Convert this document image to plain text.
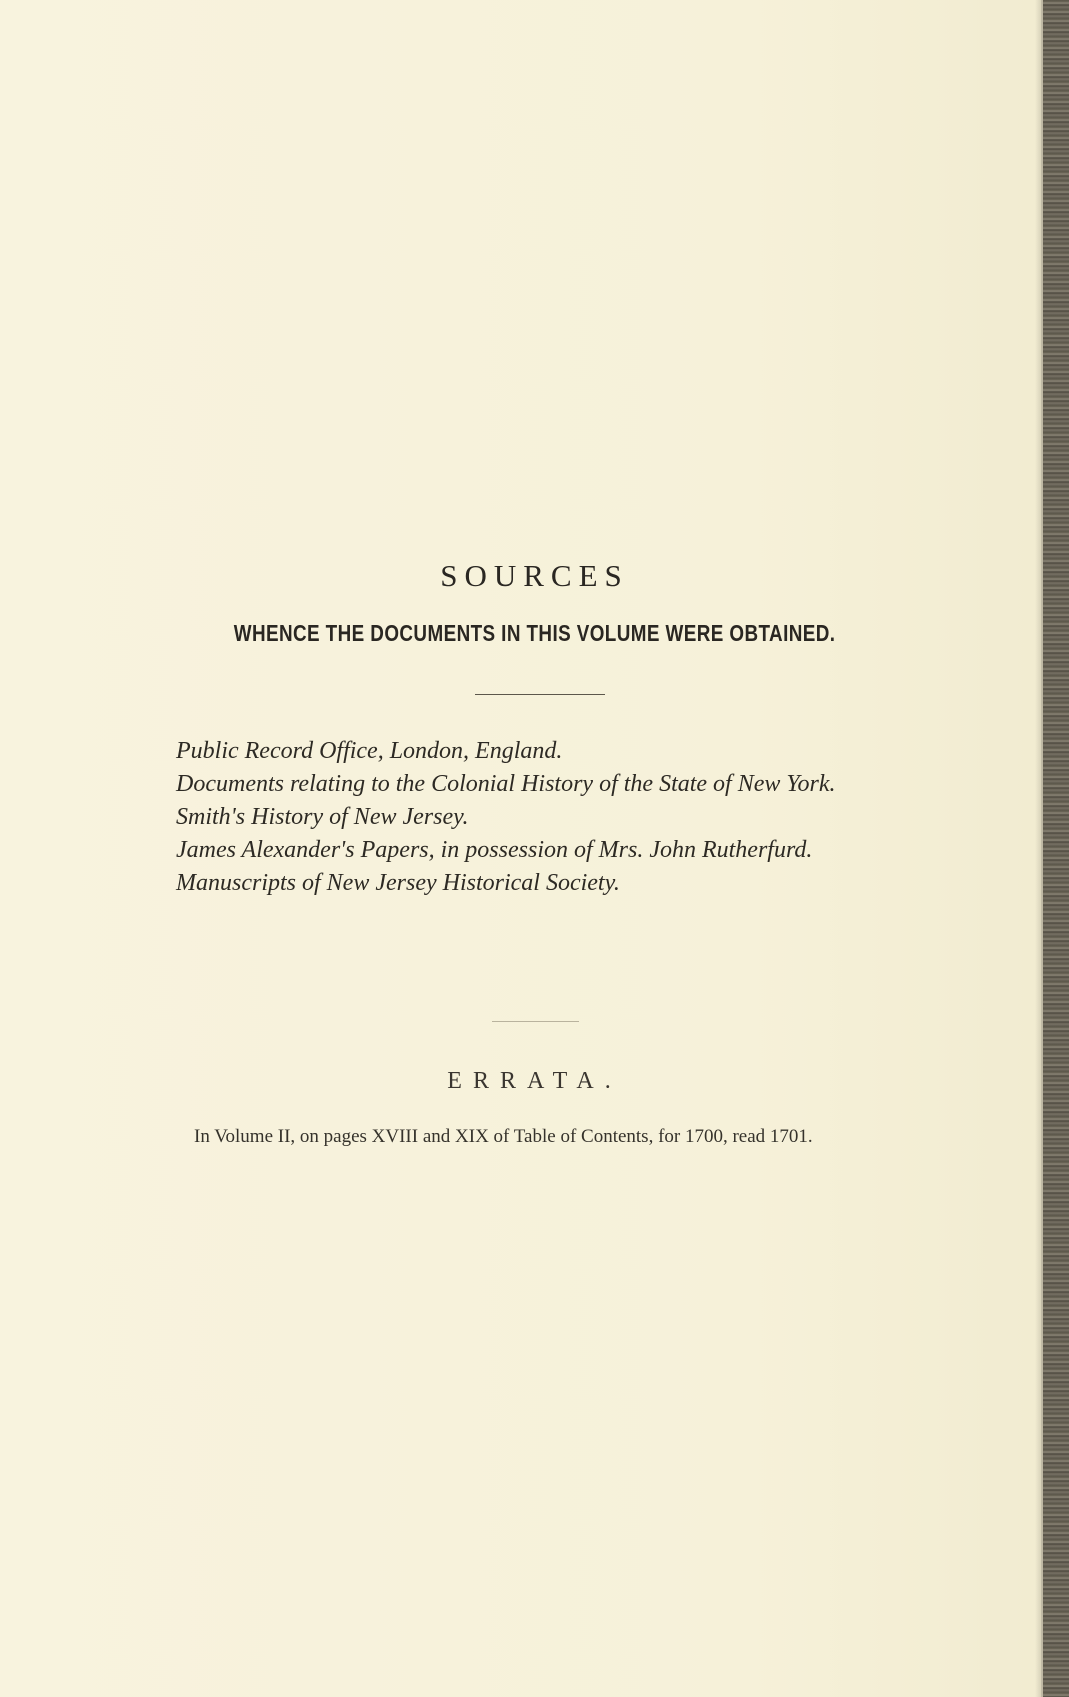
SOURCES
WHENCE THE DOCUMENTS IN THIS VOLUME WERE OBTAINED.
Public Record Office, London, England.
Documents relating to the Colonial History of the State of New York.
Smith's History of New Jersey.
James Alexander's Papers, in possession of Mrs. John Rutherfurd.
Manuscripts of New Jersey Historical Society.
ERRATA.
In Volume II, on pages XVIII and XIX of Table of Contents, for 1700, read 1701.
